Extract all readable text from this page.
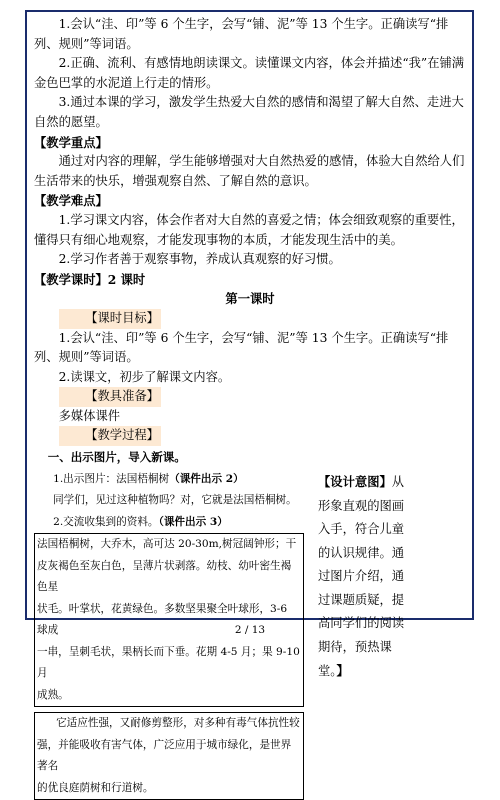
1.会认“洼、印”等 6 个生字，会写“铺、泥”等 13 个生字。正确读写“排列、规则”等词语。

2.正确、流利、有感情地朗读课文。读懂课文内容，体会并描述“我”在铺满金色巴掌的水泥道上行走的情形。

3.通过本课的学习，激发学生热爱大自然的感情和渴望了解大自然、走进大自然的愿望。

【教学重点】

通过对内容的理解，学生能够增强对大自然热爱的感情，体验大自然给人们生活带来的快乐，增强观察自然、了解自然的意识。

【教学难点】

1.学习课文内容，体会作者对大自然的喜爱之情；体会细致观察的重要性，懂得只有细心地观察，才能发现事物的本质，才能发现生活中的美。

2.学习作者善于观察事物，养成认真观察的好习惯。

【教学课时】2 课时

第一课时

【课时目标】

1.会认“洼、印”等 6 个生字，会写“铺、泥”等 13 个生字。正确读写“排列、规则”等词语。

2.读课文，初步了解课文内容。

【教具准备】

多媒体课件

【教学过程】

一、出示图片，导入新课。

1.出示图片：法国梧桐树（课件出示 2）

同学们，见过这种植物吗？对，它就是法国梧桐树。

2.交流收集到的资料。（课件出示 3）

法国梧桐树，大乔木，高可达 20-30m,树冠阔钟形；干
皮灰褐色至灰白色，呈薄片状剥落。幼枝、幼叶密生褐色星
状毛。叶掌状，花黄绿色。多数坚果聚全叶球形，3-6 球成
一串，呈刺毛状，果柄长而下垂。花期 4-5 月；果 9-10 月
成熟。
它适应性强，又耐修剪整形，对多种有毒气体抗性较
强，并能吸收有害气体，广泛应用于城市绿化，是世界著名
的优良庭荫树和行道树。
【设计意图】从
形象直观的图画
入手，符合儿童
的认识规律。通
过图片介绍，通
过课题质疑，提
高同学们的阅读
期待，预热课
堂。】
2 / 13
